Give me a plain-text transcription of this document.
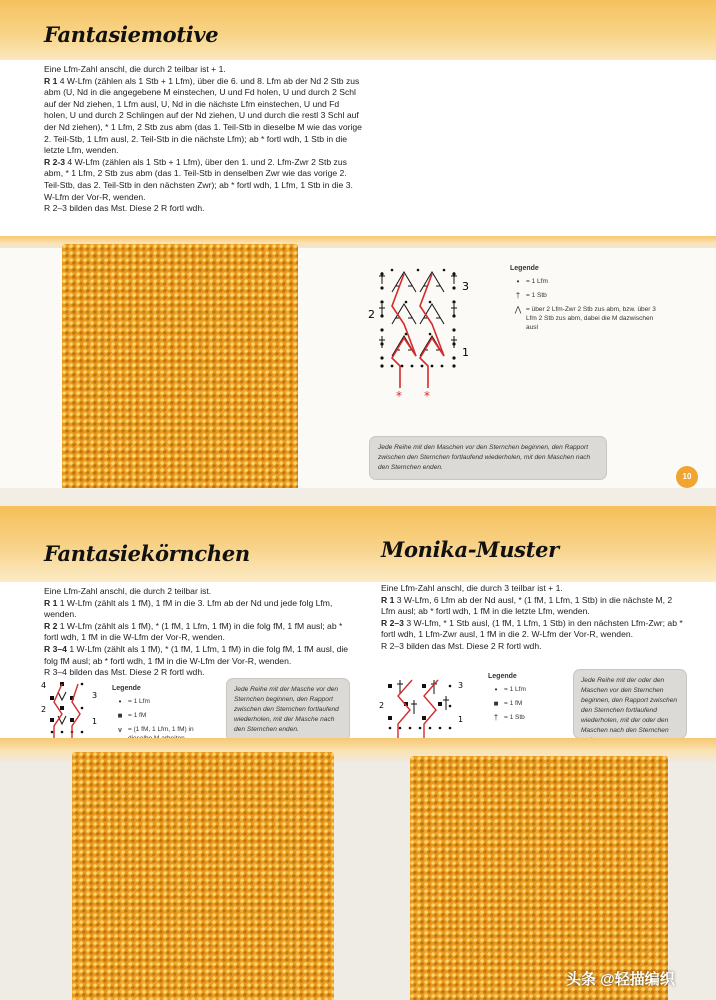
Fantasiemotive

Eine Lfm-Zahl anschl, die durch 2 teilbar ist + 1.

R 1 4 W-Lfm (zählen als 1 Stb + 1 Lfm), über die 6. und 8. Lfm ab der Nd 2 Stb zus abm (U, Nd in die angegebene M einstechen, U und Fd holen, U und durch 2 Schl auf der Nd ziehen, 1 Lfm ausl, U, Nd in die nächste Lfm einstechen, U und Fd holen, U und durch 2 Schlingen auf der Nd ziehen, U und durch die restl 3 Schl auf der Nd ziehen), * 1 Lfm, 2 Stb zus abm (das 1. Teil-Stb in dieselbe M wie das vorige 2. Teil-Stb, 1 Lfm ausl, 2. Teil-Stb in die nächste Lfm); ab * fortl wdh, 1 Stb in die letzte Lfm, wenden.

R 2-3 4 W-Lfm (zählen als 1 Stb + 1 Lfm), über den 1. und 2. Lfm-Zwr 2 Stb zus abm, * 1 Lfm, 2 Stb zus abm (das 1. Teil-Stb in denselben Zwr wie das vorige 2. Teil-Stb, das 2. Teil-Stb in den nächsten Zwr); ab * fortl wdh, 1 Lfm, 1 Stb in die 3. W-Lfm der Vor-R, wenden.

R 2–3 bilden das Mst. Diese 2 R fortl wdh.

* *
3
2
1
Legende
•	= 1 Lfm
† = 1 Stb
⋀ = über 2 Lfm-Zwr 2 Stb zus abm, bzw. über 3 Lfm 2 Stb zus abm, dabei die M dazwischen ausl
Jede Reihe mit den Maschen vor den Sternchen beginnen, den Rapport zwischen den Sternchen fortlaufend wiederholen, mit den Maschen nach den Sternchen enden.
10
Fantasiekörnchen	Monika-Muster

Eine Lfm-Zahl anschl, die durch 2 teilbar ist.

R 1 1 W-Lfm (zählt als 1 fM), 1 fM in die 3. Lfm ab der Nd und jede folg Lfm, wenden.

R 2 1 W-Lfm (zählt als 1 fM), * (1 fM, 1 Lfm, 1 fM) in die folg fM, 1 fM ausl; ab * fortl wdh, 1 fM in die W-Lfm der Vor-R, wenden.

R 3–4 1 W-Lfm (zählt als 1 fM), * (1 fM, 1 Lfm, 1 fM) in die folg fM, 1 fM ausl, die folg fM ausl; ab * fortl wdh, 1 fM in die W-Lfm der Vor-R, wenden.

R 3–4 bilden das Mst. Diese 2 R fortl wdh.

Eine Lfm-Zahl anschl, die durch 3 teilbar ist + 1.

R 1 3 W-Lfm, 6 Lfm ab der Nd ausl, * (1 fM, 1 Lfm, 1 Stb) in die nächste M, 2 Lfm ausl; ab * fortl wdh, 1 fM in die letzte Lfm, wenden.

R 2–3 3 W-Lfm, * 1 Stb ausl, (1 fM, 1 Lfm, 1 Stb) in den nächsten Lfm-Zwr; ab * fortl wdh, 1 Lfm-Zwr ausl, 1 fM in die 2. W-Lfm der Vor-R, wenden.

R 2–3 bilden das Mst. Diese 2 R fortl wdh.

4
3
2
1
Legende
•	= 1 Lfm
■ = 1 fM
⩛ = (1 fM, 1 Lfm, 1 fM) in
Jede Reihe mit der Masche vor den Sternchen beginnen, den Rapport zwischen den Sternchen fortlaufend wiederholen, mit der Masche nach den Sternchen enden.
3
2
1
Legende
•	= 1 Lfm
■ = 1 fM
† = 1 Stb
Jede Reihe mit der oder den Maschen vor den Sternchen beginnen, den Rapport zwischen den Sternchen fortlaufend wiederholen, mit der oder den Maschen nach den Sternchen
头条 @轻描编织
